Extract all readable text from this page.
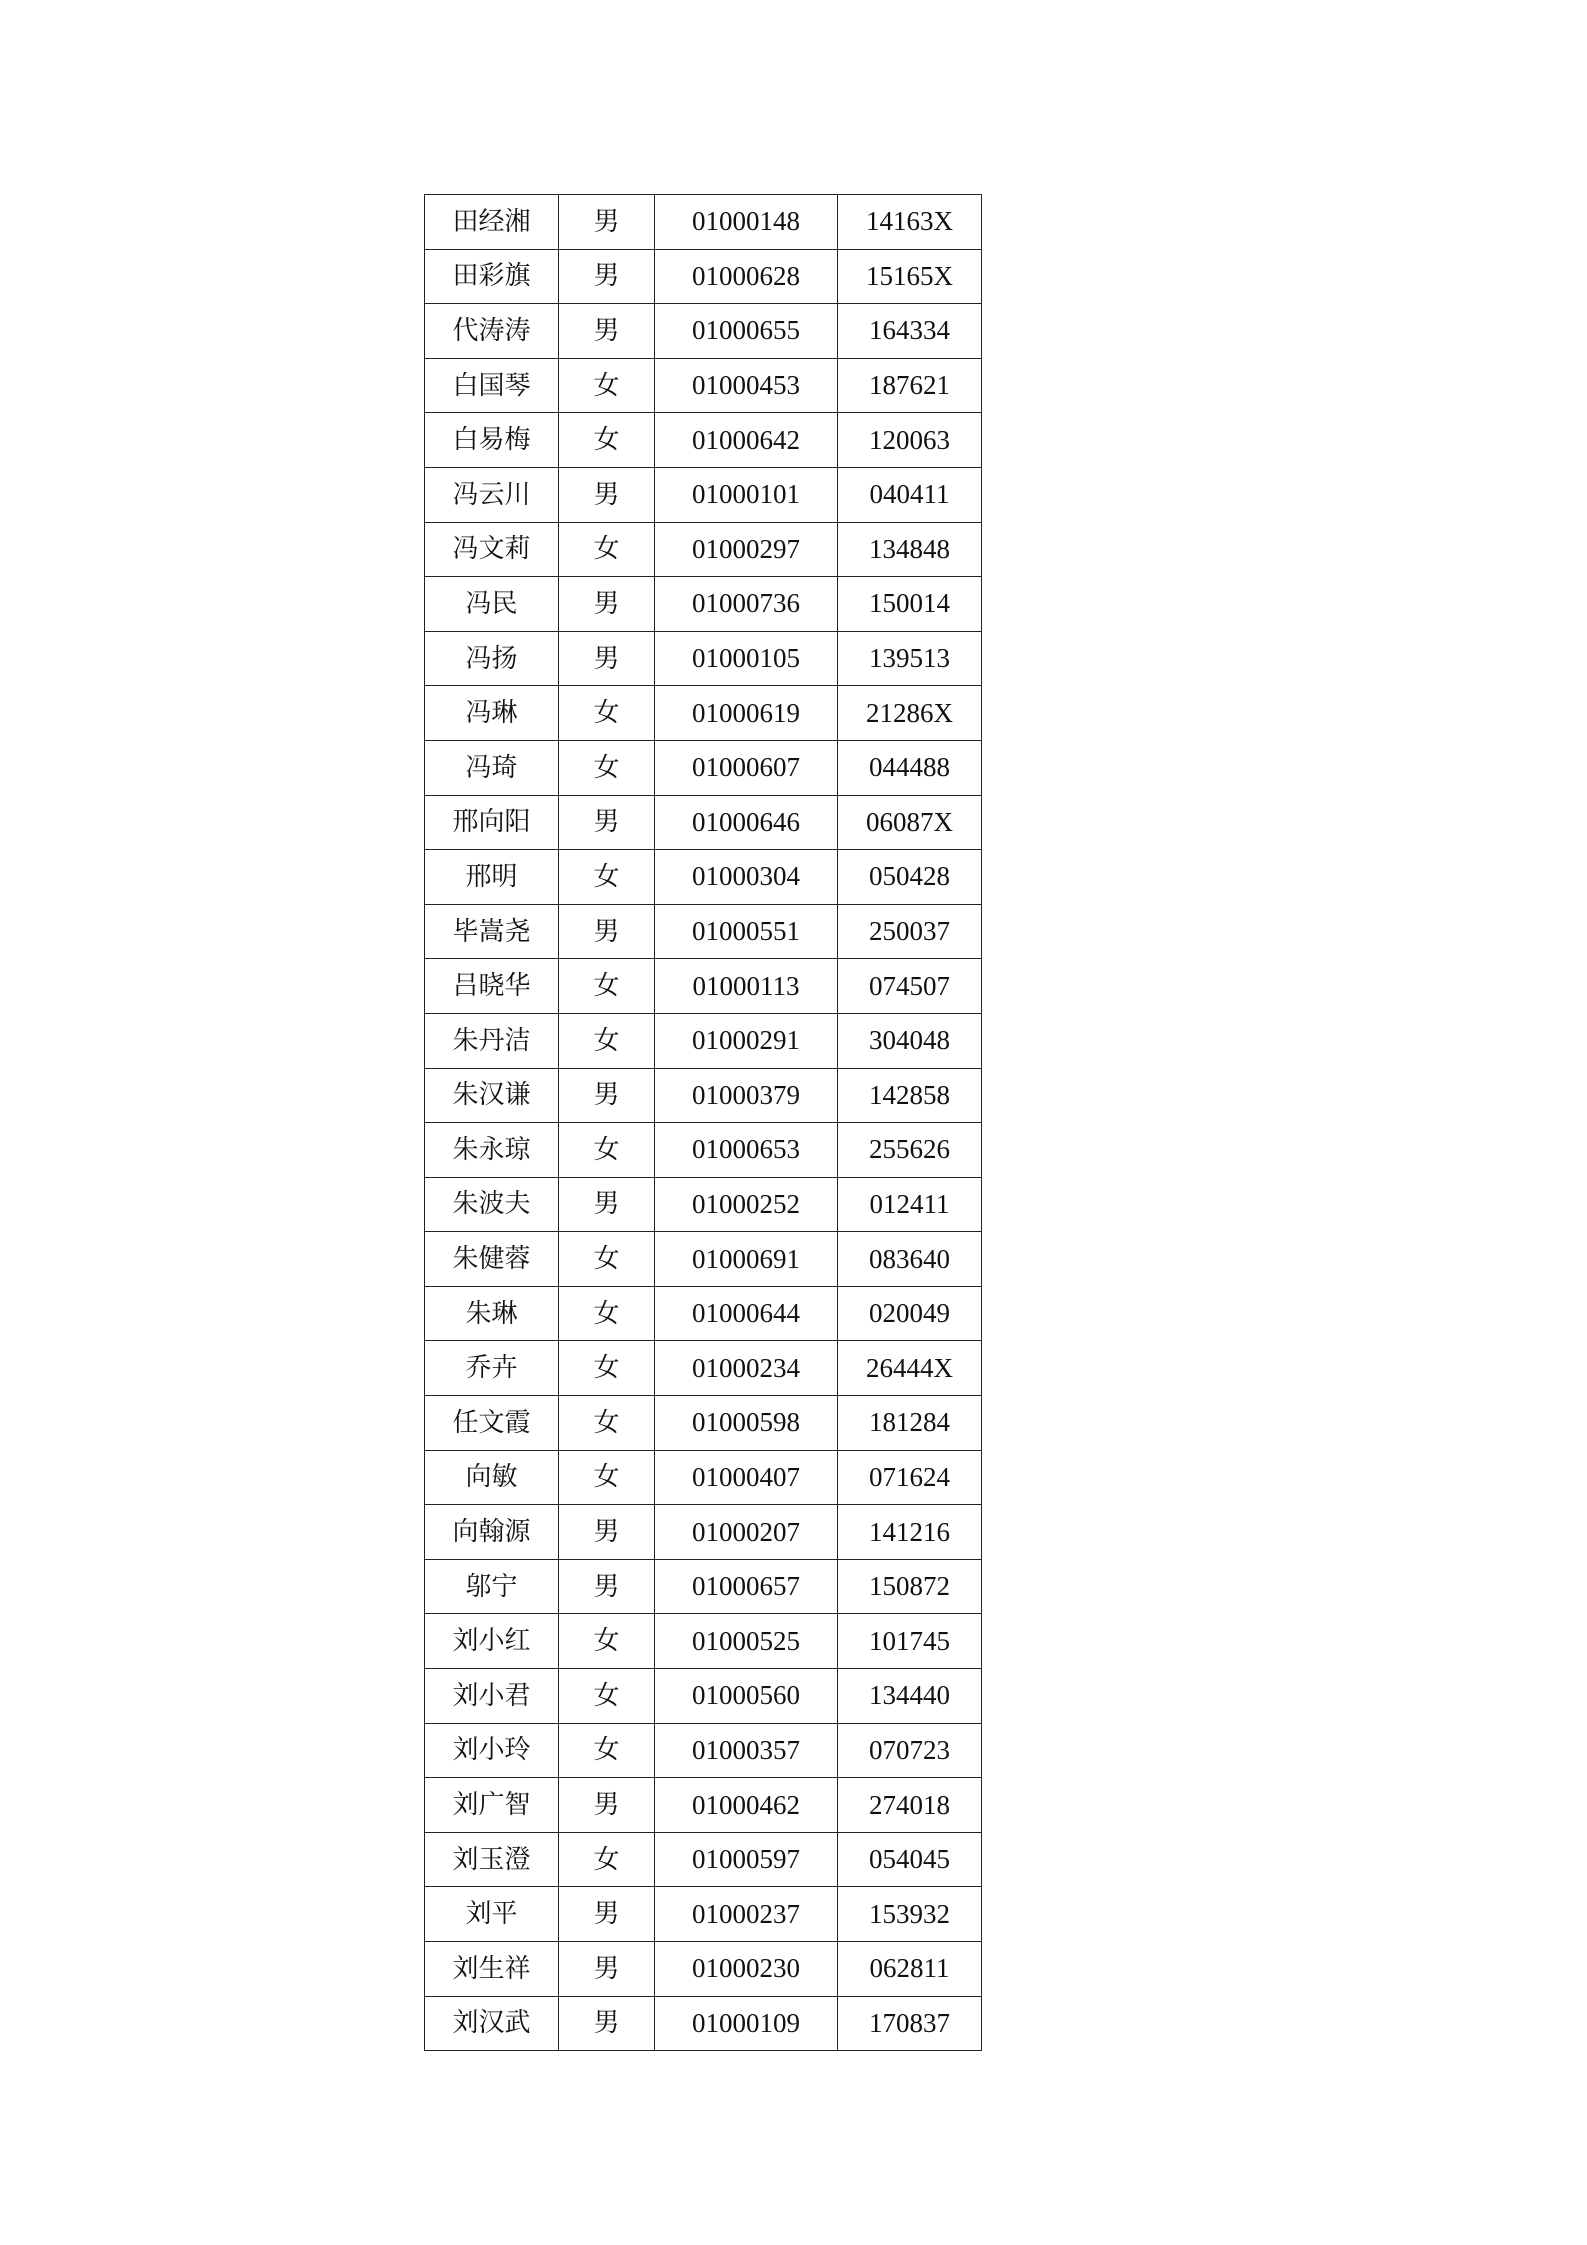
田经湘	男	01000148	14163X
田彩旗	男	01000628	15165X
代涛涛	男	01000655	164334
白国琴	女	01000453	187621
白易梅	女	01000642	120063
冯云川	男	01000101	040411
冯文莉	女	01000297	134848
冯民	男	01000736	150014
冯扬	男	01000105	139513
冯琳	女	01000619	21286X
冯琦	女	01000607	044488
邢向阳	男	01000646	06087X
邢明	女	01000304	050428
毕嵩尧	男	01000551	250037
吕晓华	女	01000113	074507
朱丹洁	女	01000291	304048
朱汉谦	男	01000379	142858
朱永琼	女	01000653	255626
朱波夫	男	01000252	012411
朱健蓉	女	01000691	083640
朱琳	女	01000644	020049
乔卉	女	01000234	26444X
任文霞	女	01000598	181284
向敏	女	01000407	071624
向翰源	男	01000207	141216
邬宁	男	01000657	150872
刘小红	女	01000525	101745
刘小君	女	01000560	134440
刘小玲	女	01000357	070723
刘广智	男	01000462	274018
刘玉澄	女	01000597	054045
刘平	男	01000237	153932
刘生祥	男	01000230	062811
刘汉武	男	01000109	170837
